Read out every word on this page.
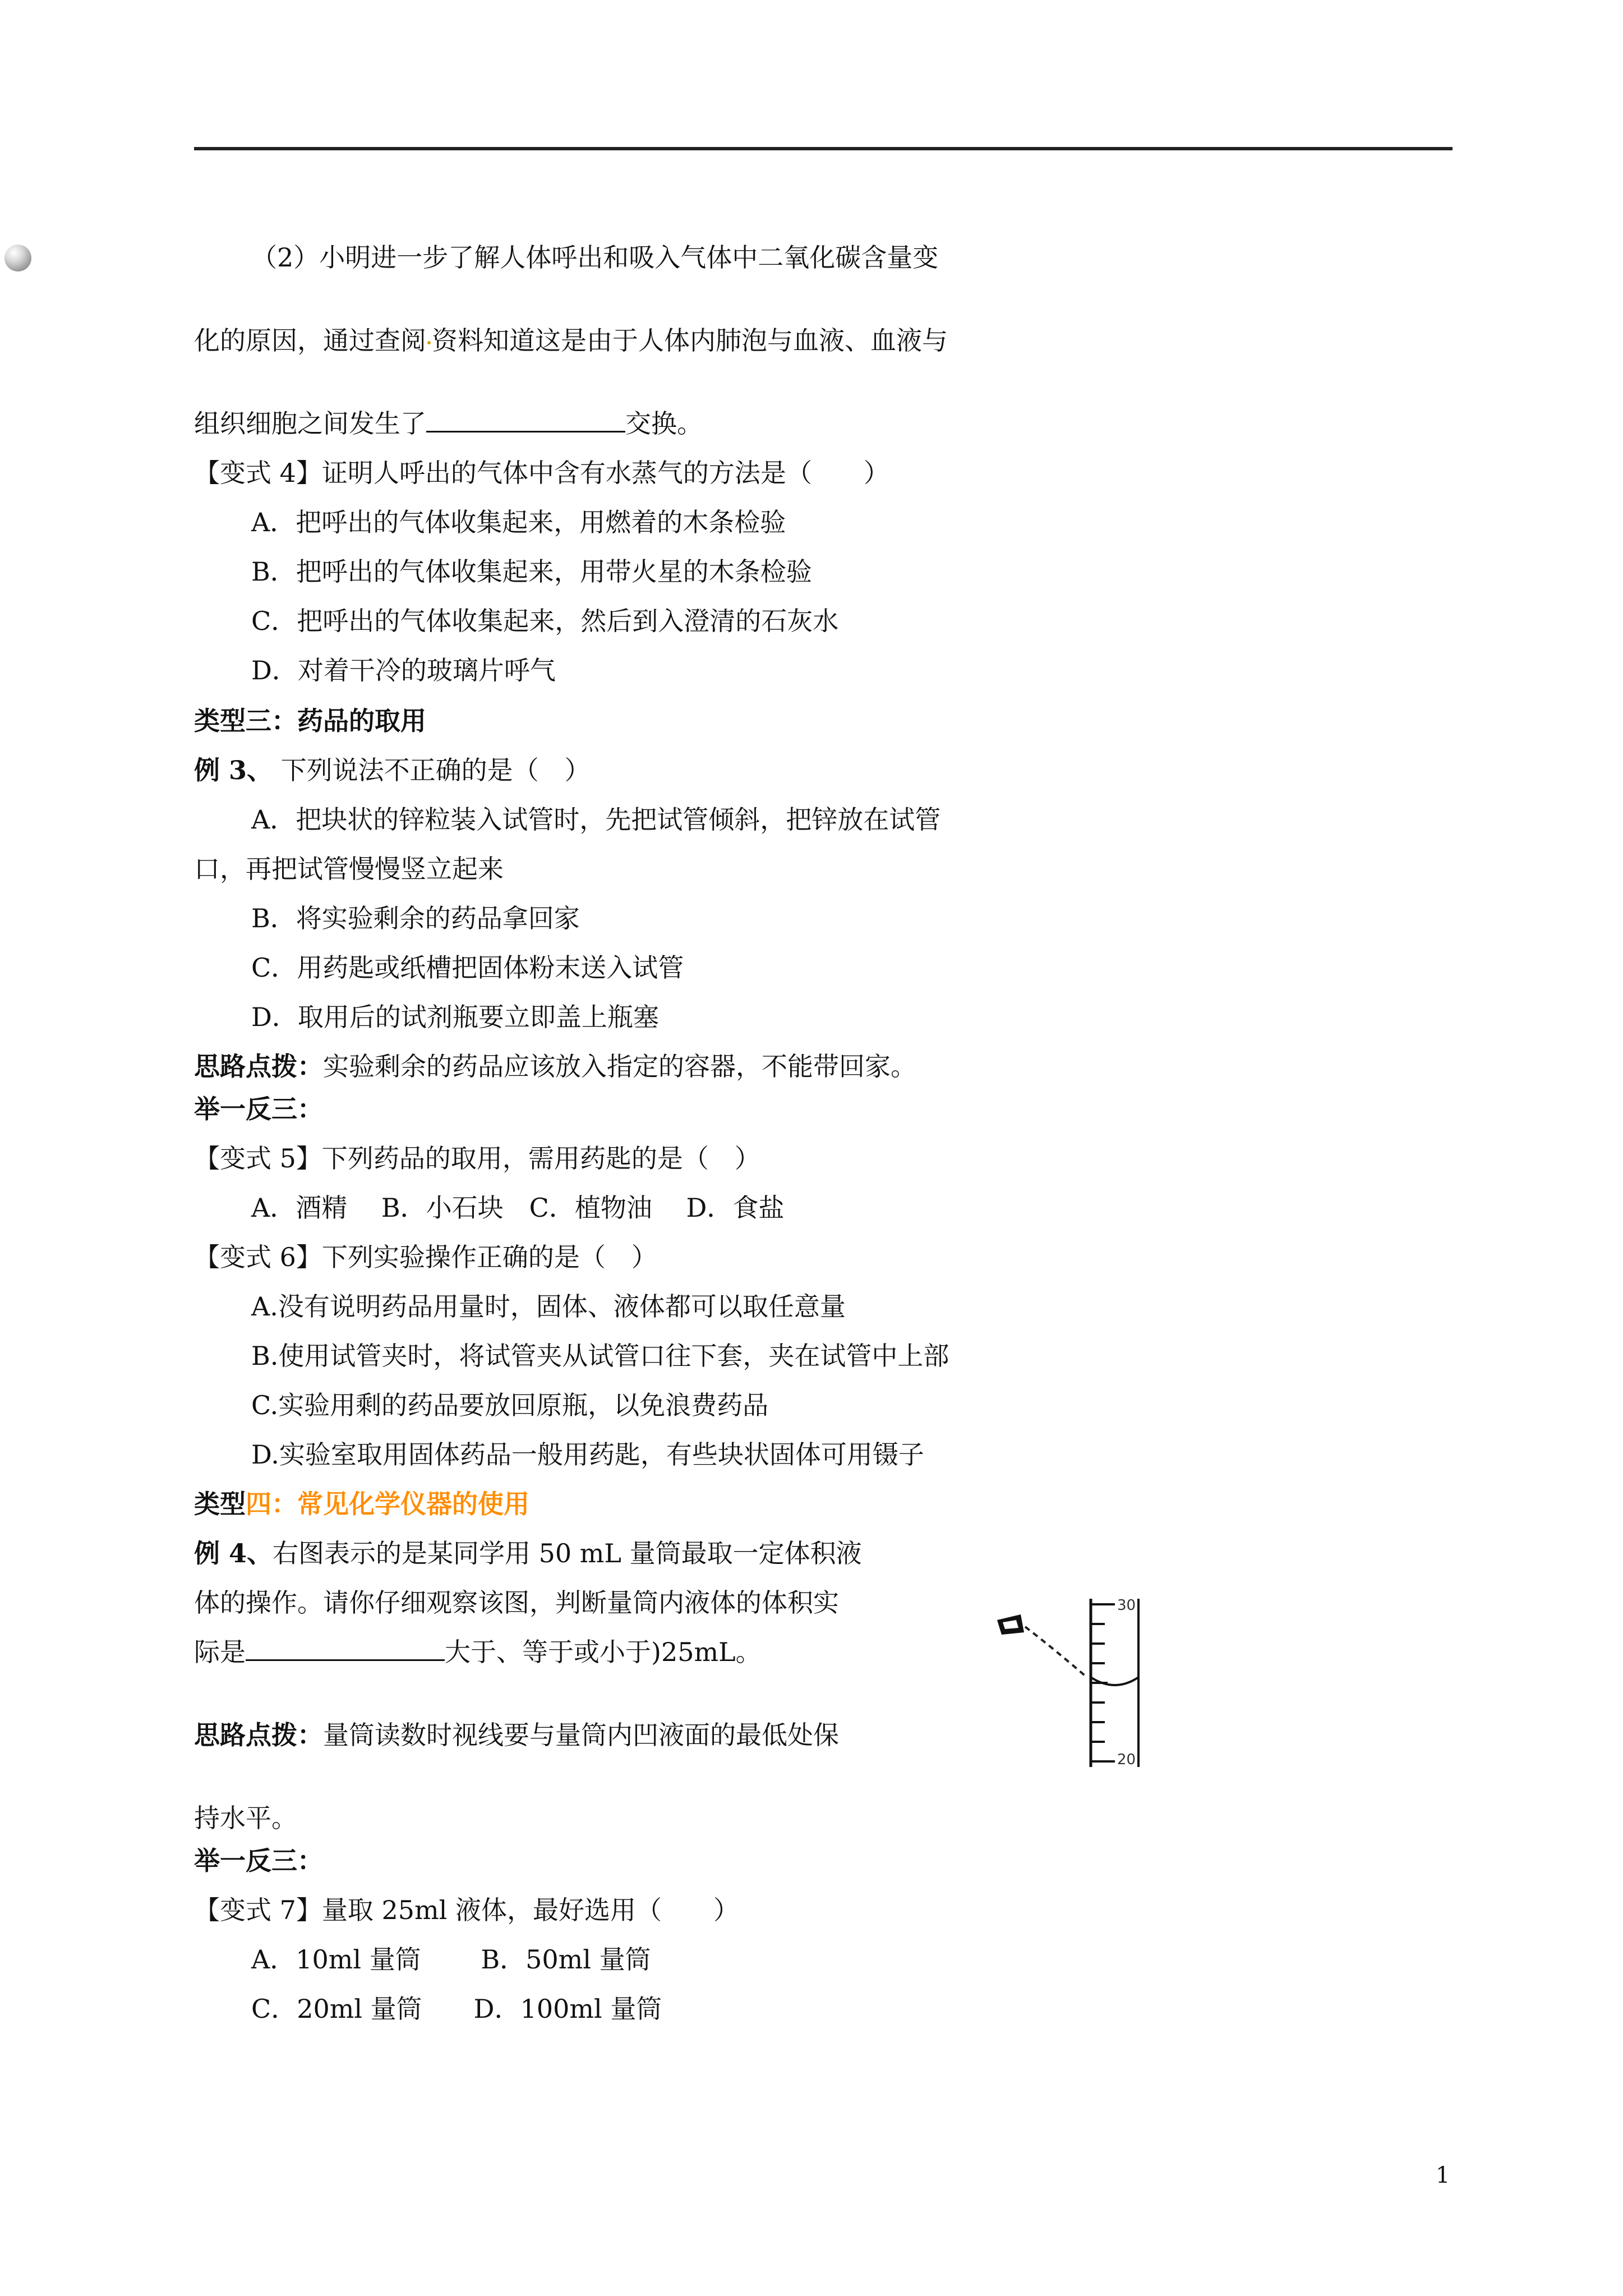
（2）小明进一步了解人体呼出和吸入气体中二氧化碳含量变
化的原因，通过查阅 资料知道这是由于人体内肺泡与血液、血液与
组织细胞之间发生了	交换。
【变式 4】证明人呼出的气体中含有水蒸气的方法是（　　）
A．把呼出的气体收集起来，用燃着的木条检验
B．把呼出的气体收集起来，用带火星的木条检验
C．把呼出的气体收集起来，然后到入澄清的石灰水
D．对着干冷的玻璃片呼气
类型三：药品的取用
例 3、 下列说法不正确的是（　）
A．把块状的锌粒装入试管时，先把试管倾斜，把锌放在试管
口，再把试管慢慢竖立起来
B．将实验剩余的药品拿回家
C．用药匙或纸槽把固体粉末送入试管
D．取用后的试剂瓶要立即盖上瓶塞
思路点拨：实验剩余的药品应该放入指定的容器，不能带回家。
举一反三：
【变式 5】下列药品的取用，需用药匙的是（　）
A．酒精　 B．小石块　C．植物油　 D．食盐
【变式 6】下列实验操作正确的是（　）
A.没有说明药品用量时，固体、液体都可以取任意量
B.使用试管夹时，将试管夹从试管口往下套，夹在试管中上部
C.实验用剩的药品要放回原瓶，以免浪费药品
D.实验室取用固体药品一般用药匙，有些块状固体可用镊子
类型四：常见化学仪器的使用
例 4、右图表示的是某同学用 50 mL 量筒最取一定体积液
体的操作。请你仔细观察该图，判断量筒内液体的体积实
际是	大于、等于或小于)25mL。
思路点拨：量筒读数时视线要与量筒内凹液面的最低处保
持水平。
举一反三：
【变式 7】量取 25ml 液体，最好选用（　　）
A．10ml 量筒　　 B．50ml 量筒
C．20ml 量筒　　D．100ml 量筒
30
20
1
